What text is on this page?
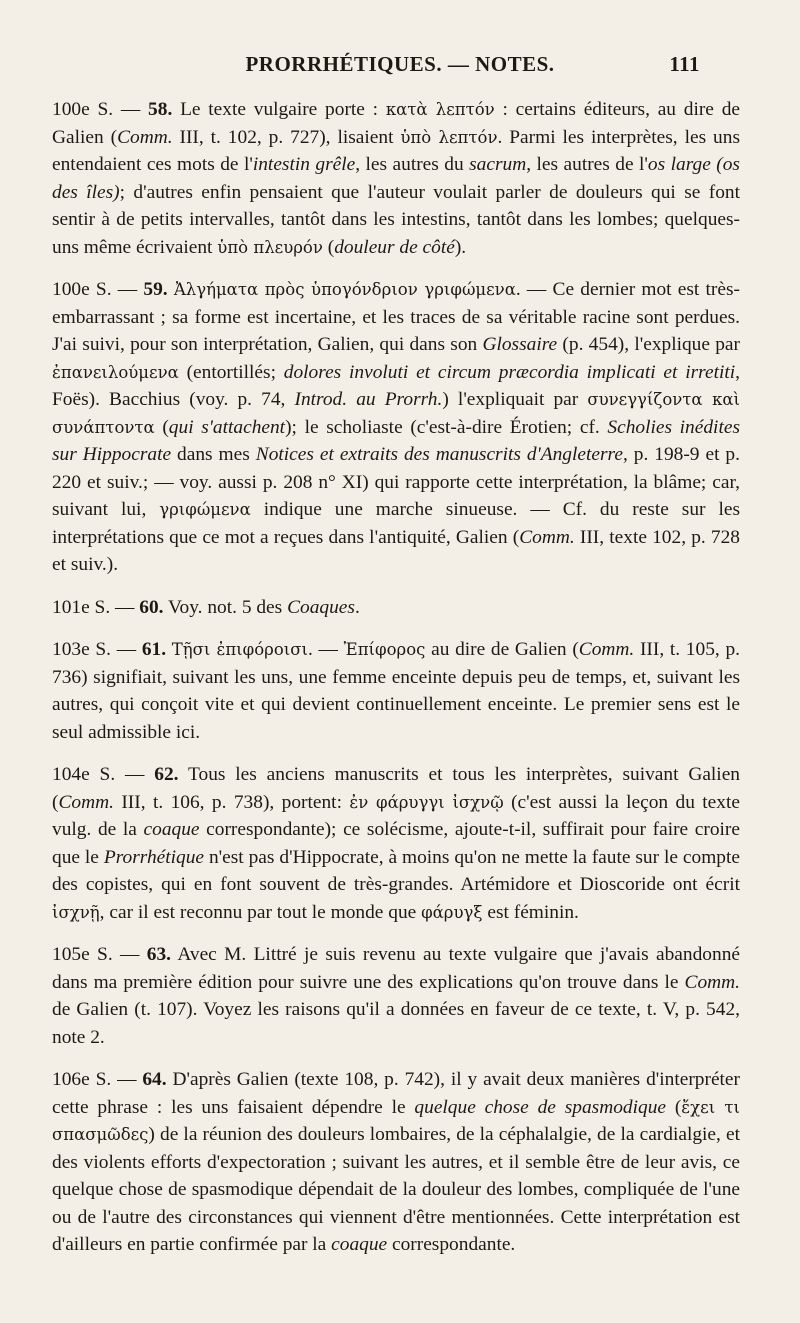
PRORRHÉTIQUES. — NOTES.	111

100e S. — 58. Le texte vulgaire porte : κατὰ λεπτόν : certains éditeurs, au dire de Galien (Comm. III, t. 102, p. 727), lisaient ὑπὸ λεπτόν. Parmi les interprètes, les uns entendaient ces mots de l'intestin grêle, les autres du sacrum, les autres de l'os large (os des îles); d'autres enfin pensaient que l'auteur voulait parler de douleurs qui se font sentir à de petits intervalles, tantôt dans les intestins, tantôt dans les lombes; quelques-uns même écrivaient ὑπὸ πλευρόν (douleur de côté).

100e S. — 59. Ἀλγήματα πρὸς ὑπογόνδριον γριφώμενα. — Ce dernier mot est très-embarrassant ; sa forme est incertaine, et les traces de sa véritable racine sont perdues. J'ai suivi, pour son interprétation, Galien, qui dans son Glossaire (p. 454), l'explique par ἐπανειλούμενα (entortillés; dolores involuti et circum præcordia implicati et irretiti, Foës). Bacchius (voy. p. 74, Introd. au Prorrh.) l'expliquait par συνεγγίζοντα καὶ συνάπτοντα (qui s'attachent); le scholiaste (c'est-à-dire Érotien; cf. Scholies inédites sur Hippocrate dans mes Notices et extraits des manuscrits d'Angleterre, p. 198-9 et p. 220 et suiv.; — voy. aussi p. 208 n° XI) qui rapporte cette interprétation, la blâme; car, suivant lui, γριφώμενα indique une marche sinueuse. — Cf. du reste sur les interprétations que ce mot a reçues dans l'antiquité, Galien (Comm. III, texte 102, p. 728 et suiv.).

101e S. — 60. Voy. not. 5 des Coaques.

103e S. — 61. Τῇσι ἐπιφόροισι. — Ἐπίφορος au dire de Galien (Comm. III, t. 105, p. 736) signifiait, suivant les uns, une femme enceinte depuis peu de temps, et, suivant les autres, qui conçoit vite et qui devient continuellement enceinte. Le premier sens est le seul admissible ici.

104e S. — 62. Tous les anciens manuscrits et tous les interprètes, suivant Galien (Comm. III, t. 106, p. 738), portent: ἐν φάρυγγι ἰσχνῷ (c'est aussi la leçon du texte vulg. de la coaque correspondante); ce solécisme, ajoute-t-il, suffirait pour faire croire que le Prorrhétique n'est pas d'Hippocrate, à moins qu'on ne mette la faute sur le compte des copistes, qui en font souvent de très-grandes. Artémidore et Dioscoride ont écrit ἰσχνῇ, car il est reconnu par tout le monde que φάρυγξ est féminin.

105e S. — 63. Avec M. Littré je suis revenu au texte vulgaire que j'avais abandonné dans ma première édition pour suivre une des explications qu'on trouve dans le Comm. de Galien (t. 107). Voyez les raisons qu'il a données en faveur de ce texte, t. V, p. 542, note 2.

106e S. — 64. D'après Galien (texte 108, p. 742), il y avait deux manières d'interpréter cette phrase : les uns faisaient dépendre le quelque chose de spasmodique (ἔχει τι σπασμῶδες) de la réunion des douleurs lombaires, de la céphalalgie, de la cardialgie, et des violents efforts d'expectoration ; suivant les autres, et il semble être de leur avis, ce quelque chose de spasmodique dépendait de la douleur des lombes, compliquée de l'une ou de l'autre des circonstances qui viennent d'être mentionnées. Cette interprétation est d'ailleurs en partie confirmée par la coaque correspondante.
